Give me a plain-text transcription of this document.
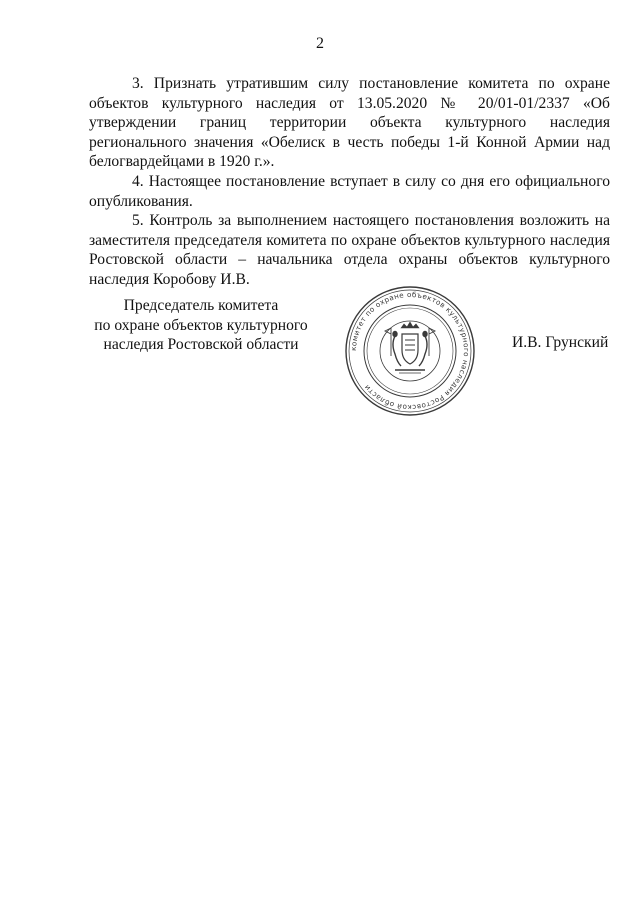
2

3. Признать утратившим силу постановление комитета по охране объектов культурного наследия от 13.05.2020 № 20/01-01/2337 «Об утверждении границ территории объекта культурного наследия регионального значения «Обелиск в честь победы 1-й Конной Армии над белогвардейцами в 1920 г.».

4. Настоящее постановление вступает в силу со дня его официального опубликования.

5. Контроль за выполнением настоящего постановления возложить на заместителя председателя комитета по охране объектов культурного наследия Ростовской области – начальника отдела охраны объектов культурного наследия Коробову И.В.

Председатель комитета
по охране объектов культурного
наследия Ростовской области	комитет по охране объектов культурного наследия Ростовской области
И.В. Грунский
